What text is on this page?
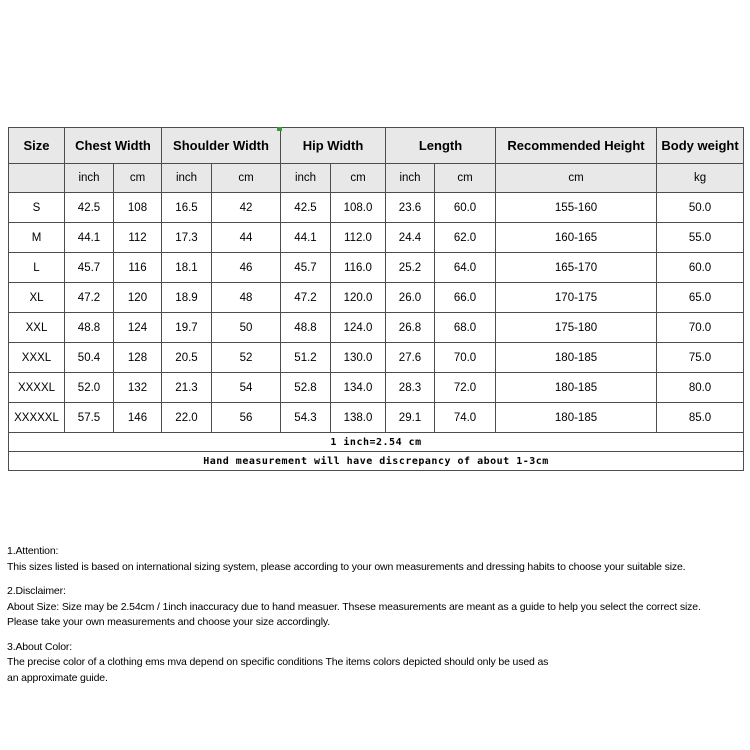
Size	Chest Width		Shoulder Width		Hip Width		Length		Recommended Height	Body weight
	inch	cm	inch	cm	inch	cm	inch	cm	cm	kg
S	42.5	108	16.5	42	42.5	108.0	23.6	60.0	155-160	50.0
M	44.1	112	17.3	44	44.1	112.0	24.4	62.0	160-165	55.0
L	45.7	116	18.1	46	45.7	116.0	25.2	64.0	165-170	60.0
XL	47.2	120	18.9	48	47.2	120.0	26.0	66.0	170-175	65.0
XXL	48.8	124	19.7	50	48.8	124.0	26.8	68.0	175-180	70.0
XXXL	50.4	128	20.5	52	51.2	130.0	27.6	70.0	180-185	75.0
XXXXL	52.0	132	21.3	54	52.8	134.0	28.3	72.0	180-185	80.0
XXXXXL	57.5	146	22.0	56	54.3	138.0	29.1	74.0	180-185	85.0
1 inch=2.54 cm										
Hand measurement will have discrepancy of about 1-3cm										
1.Attention:
This sizes listed is based on international sizing system, please according to your own measurements and dressing habits to choose your suitable size.
2.Disclaimer:
About Size: Size may be 2.54cm / 1inch inaccuracy due to hand measuer. Thsese measurements are meant as a guide to help you select the correct size.
Please take your own measurements and choose your size accordingly.
3.About Color:
The precise color of a clothing ems mva depend on specific conditions The items colors depicted should only be used as
an approximate guide.
